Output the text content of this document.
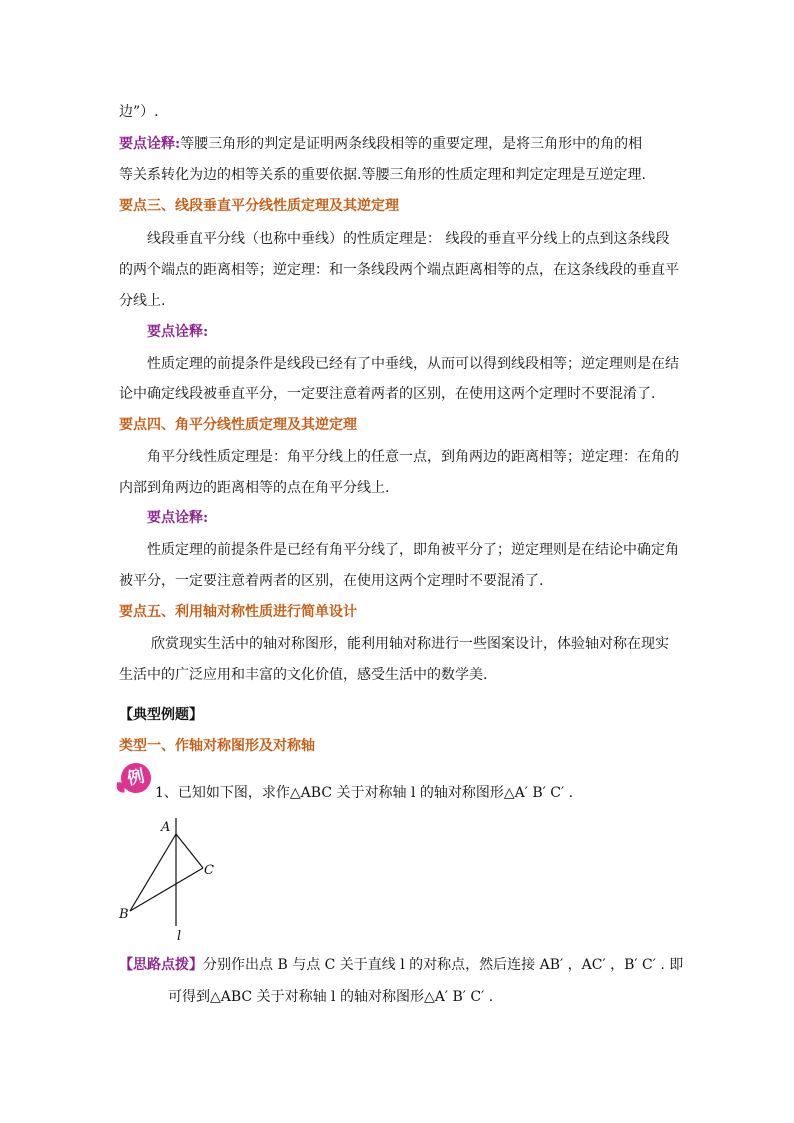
边”）.
要点诠释:等腰三角形的判定是证明两条线段相等的重要定理，是将三角形中的角的相
等关系转化为边的相等关系的重要依据.等腰三角形的性质定理和判定定理是互逆定理.
要点三、线段垂直平分线性质定理及其逆定理
线段垂直平分线（也称中垂线）的性质定理是： 线段的垂直平分线上的点到这条线段
的两个端点的距离相等；逆定理：和一条线段两个端点距离相等的点，在这条线段的垂直平
分线上.
要点诠释:
性质定理的前提条件是线段已经有了中垂线，从而可以得到线段相等；逆定理则是在结
论中确定线段被垂直平分，一定要注意着两者的区别，在使用这两个定理时不要混淆了.
要点四、角平分线性质定理及其逆定理
角平分线性质定理是：角平分线上的任意一点，到角两边的距离相等；逆定理：在角的
内部到角两边的距离相等的点在角平分线上.
要点诠释:
性质定理的前提条件是已经有角平分线了，即角被平分了；逆定理则是在结论中确定角
被平分，一定要注意着两者的区别，在使用这两个定理时不要混淆了.
要点五、利用轴对称性质进行简单设计
欣赏现实生活中的轴对称图形，能利用轴对称进行一些图案设计，体验轴对称在现实
生活中的广泛应用和丰富的文化价值，感受生活中的数学美.
【典型例题】
类型一、作轴对称图形及对称轴
例
1、已知如下图，求作△ABC 关于对称轴 l 的轴对称图形△A′ B′ C′ .
A
C
B
l
【思路点拨】分别作出点 B 与点 C 关于直线 l 的对称点，然后连接 AB′ ，AC′ ，B′ C′ . 即
可得到△ABC 关于对称轴 l 的轴对称图形△A′ B′ C′ .
